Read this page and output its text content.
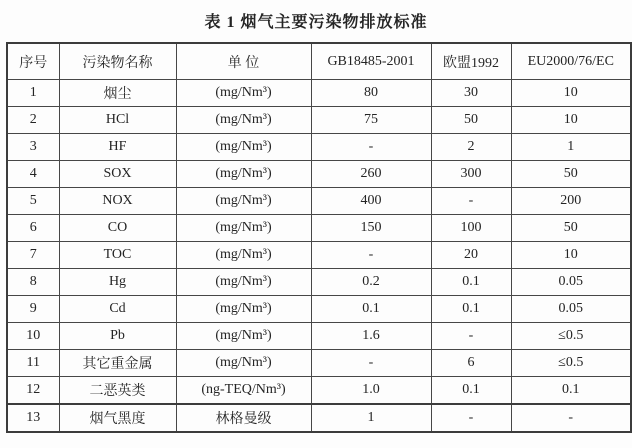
表 1 烟气主要污染物排放标准
序号	污染物名称	单 位	GB18485-2001	欧盟1992	EU2000/76/EC
1	烟尘	(mg/Nm³)	80	30	10
2	HCl	(mg/Nm³)	75	50	10
3	HF	(mg/Nm³)	-	2	1
4	SOX	(mg/Nm³)	260	300	50
5	NOX	(mg/Nm³)	400	-	200
6	CO	(mg/Nm³)	150	100	50
7	TOC	(mg/Nm³)	-	20	10
8	Hg	(mg/Nm³)	0.2	0.1	0.05
9	Cd	(mg/Nm³)	0.1	0.1	0.05
10	Pb	(mg/Nm³)	1.6	-	≤0.5
11	其它重金属	(mg/Nm³)	-	6	≤0.5
12	二恶英类	(ng-TEQ/Nm³)	1.0	0.1	0.1
13	烟气黑度	林格曼级	1	-	-
